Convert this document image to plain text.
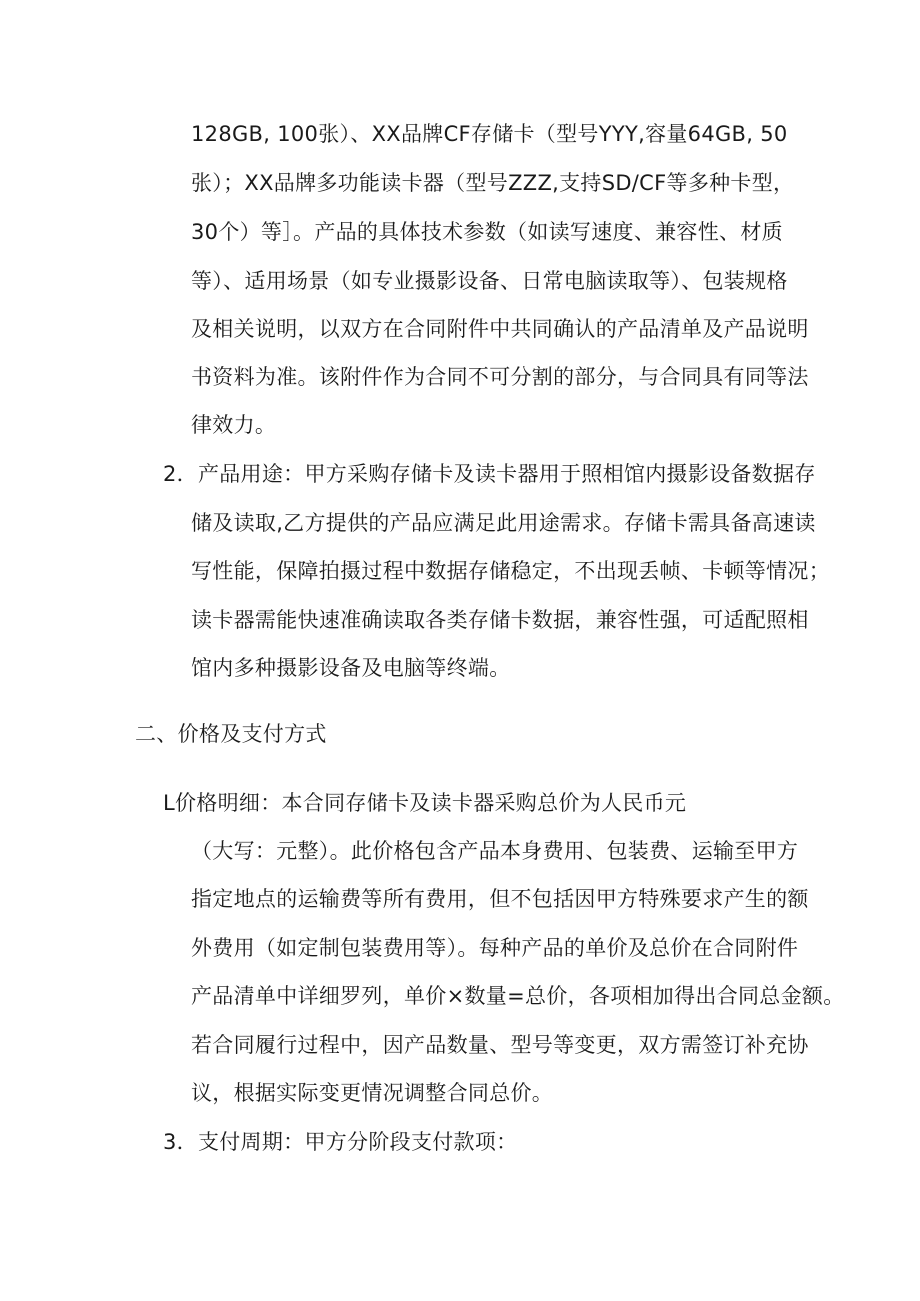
128GB, 100张）、XX品牌CF存储卡（型号YYY,容量64GB, 50
张）；XX品牌多功能读卡器（型号ZZZ,支持SD/CF等多种卡型，
30个）等］。产品的具体技术参数（如读写速度、兼容性、材质
等）、适用场景（如专业摄影设备、日常电脑读取等）、包装规格
及相关说明，以双方在合同附件中共同确认的产品清单及产品说明
书资料为准。该附件作为合同不可分割的部分，与合同具有同等法
律效力。
2．产品用途：甲方采购存储卡及读卡器用于照相馆内摄影设备数据存
储及读取,乙方提供的产品应满足此用途需求。存储卡需具备高速读
写性能，保障拍摄过程中数据存储稳定，不出现丢帧、卡顿等情况；
读卡器需能快速准确读取各类存储卡数据，兼容性强，可适配照相
馆内多种摄影设备及电脑等终端。
二、价格及支付方式
L价格明细：本合同存储卡及读卡器采购总价为人民币元
（大写：元整）。此价格包含产品本身费用、包装费、运输至甲方
指定地点的运输费等所有费用，但不包括因甲方特殊要求产生的额
外费用（如定制包装费用等）。每种产品的单价及总价在合同附件
产品清单中详细罗列，单价×数量=总价，各项相加得出合同总金额。
若合同履行过程中，因产品数量、型号等变更，双方需签订补充协
议，根据实际变更情况调整合同总价。
3．支付周期：甲方分阶段支付款项：
